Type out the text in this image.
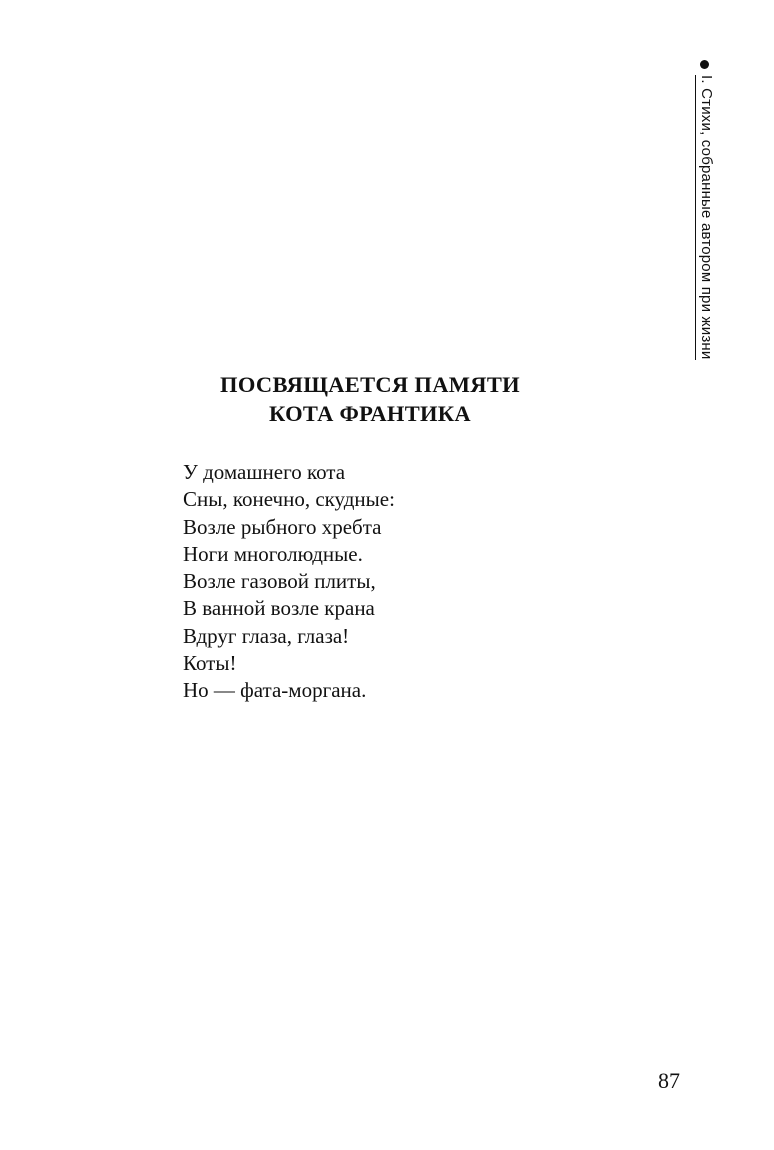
I. Стихи, собранные автором при жизни
ПОСВЯЩАЕТСЯ ПАМЯТИ
КОТА ФРАНТИКА
У домашнего кота
Сны, конечно, скудные:
Возле рыбного хребта
Ноги многолюдные.
Возле газовой плиты,
В ванной возле крана
Вдруг глаза, глаза!
Коты!
Но — фата-моргана.
87
